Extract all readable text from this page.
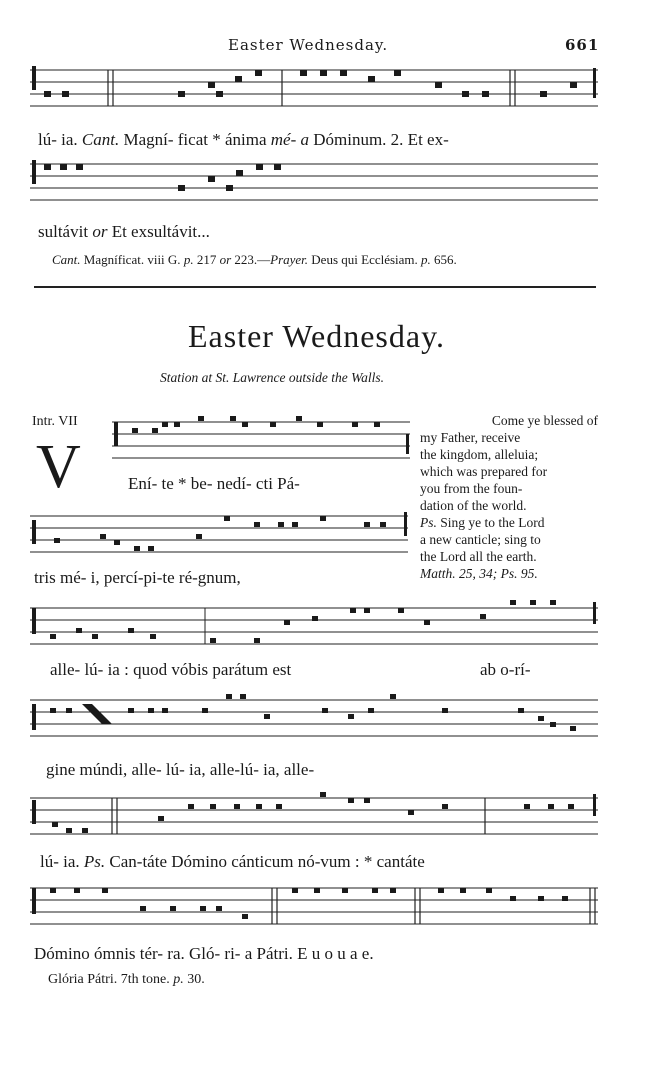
Easter Wednesday.	661
lú- ia. Cant. Magní- ficat * ánima mé- a Dóminum. 2. Et ex-
sultávit or Et exsultávit...
Cant. Magníficat. viii G. p. 217 or 223.—Prayer. Deus qui Ecclésiam. p. 656.
Easter Wednesday.
Station at St. Lawrence outside the Walls.
Intr. VII
V	Ení- te * be- nedí- cti Pá-
tris mé- i, percí-pi-te ré-gnum,
Come ye blessed of
my Father, receive
the kingdom, alleluia;
which was prepared for
you from the foun-
dation of the world.
Ps. Sing ye to the Lord
a new canticle; sing to
the Lord all the earth.
Matth. 25, 34; Ps. 95.
alle- lú- ia : quod vóbis parátum est	ab o-rí-
gine múndi, alle- lú- ia, alle-lú- ia, alle-
lú- ia. Ps. Can-táte Dómino cánticum nó-vum : * cantáte
Dómino ómnis tér- ra. Gló- ri- a Pátri. E u o u a e.
Glória Pátri. 7th tone. p. 30.
